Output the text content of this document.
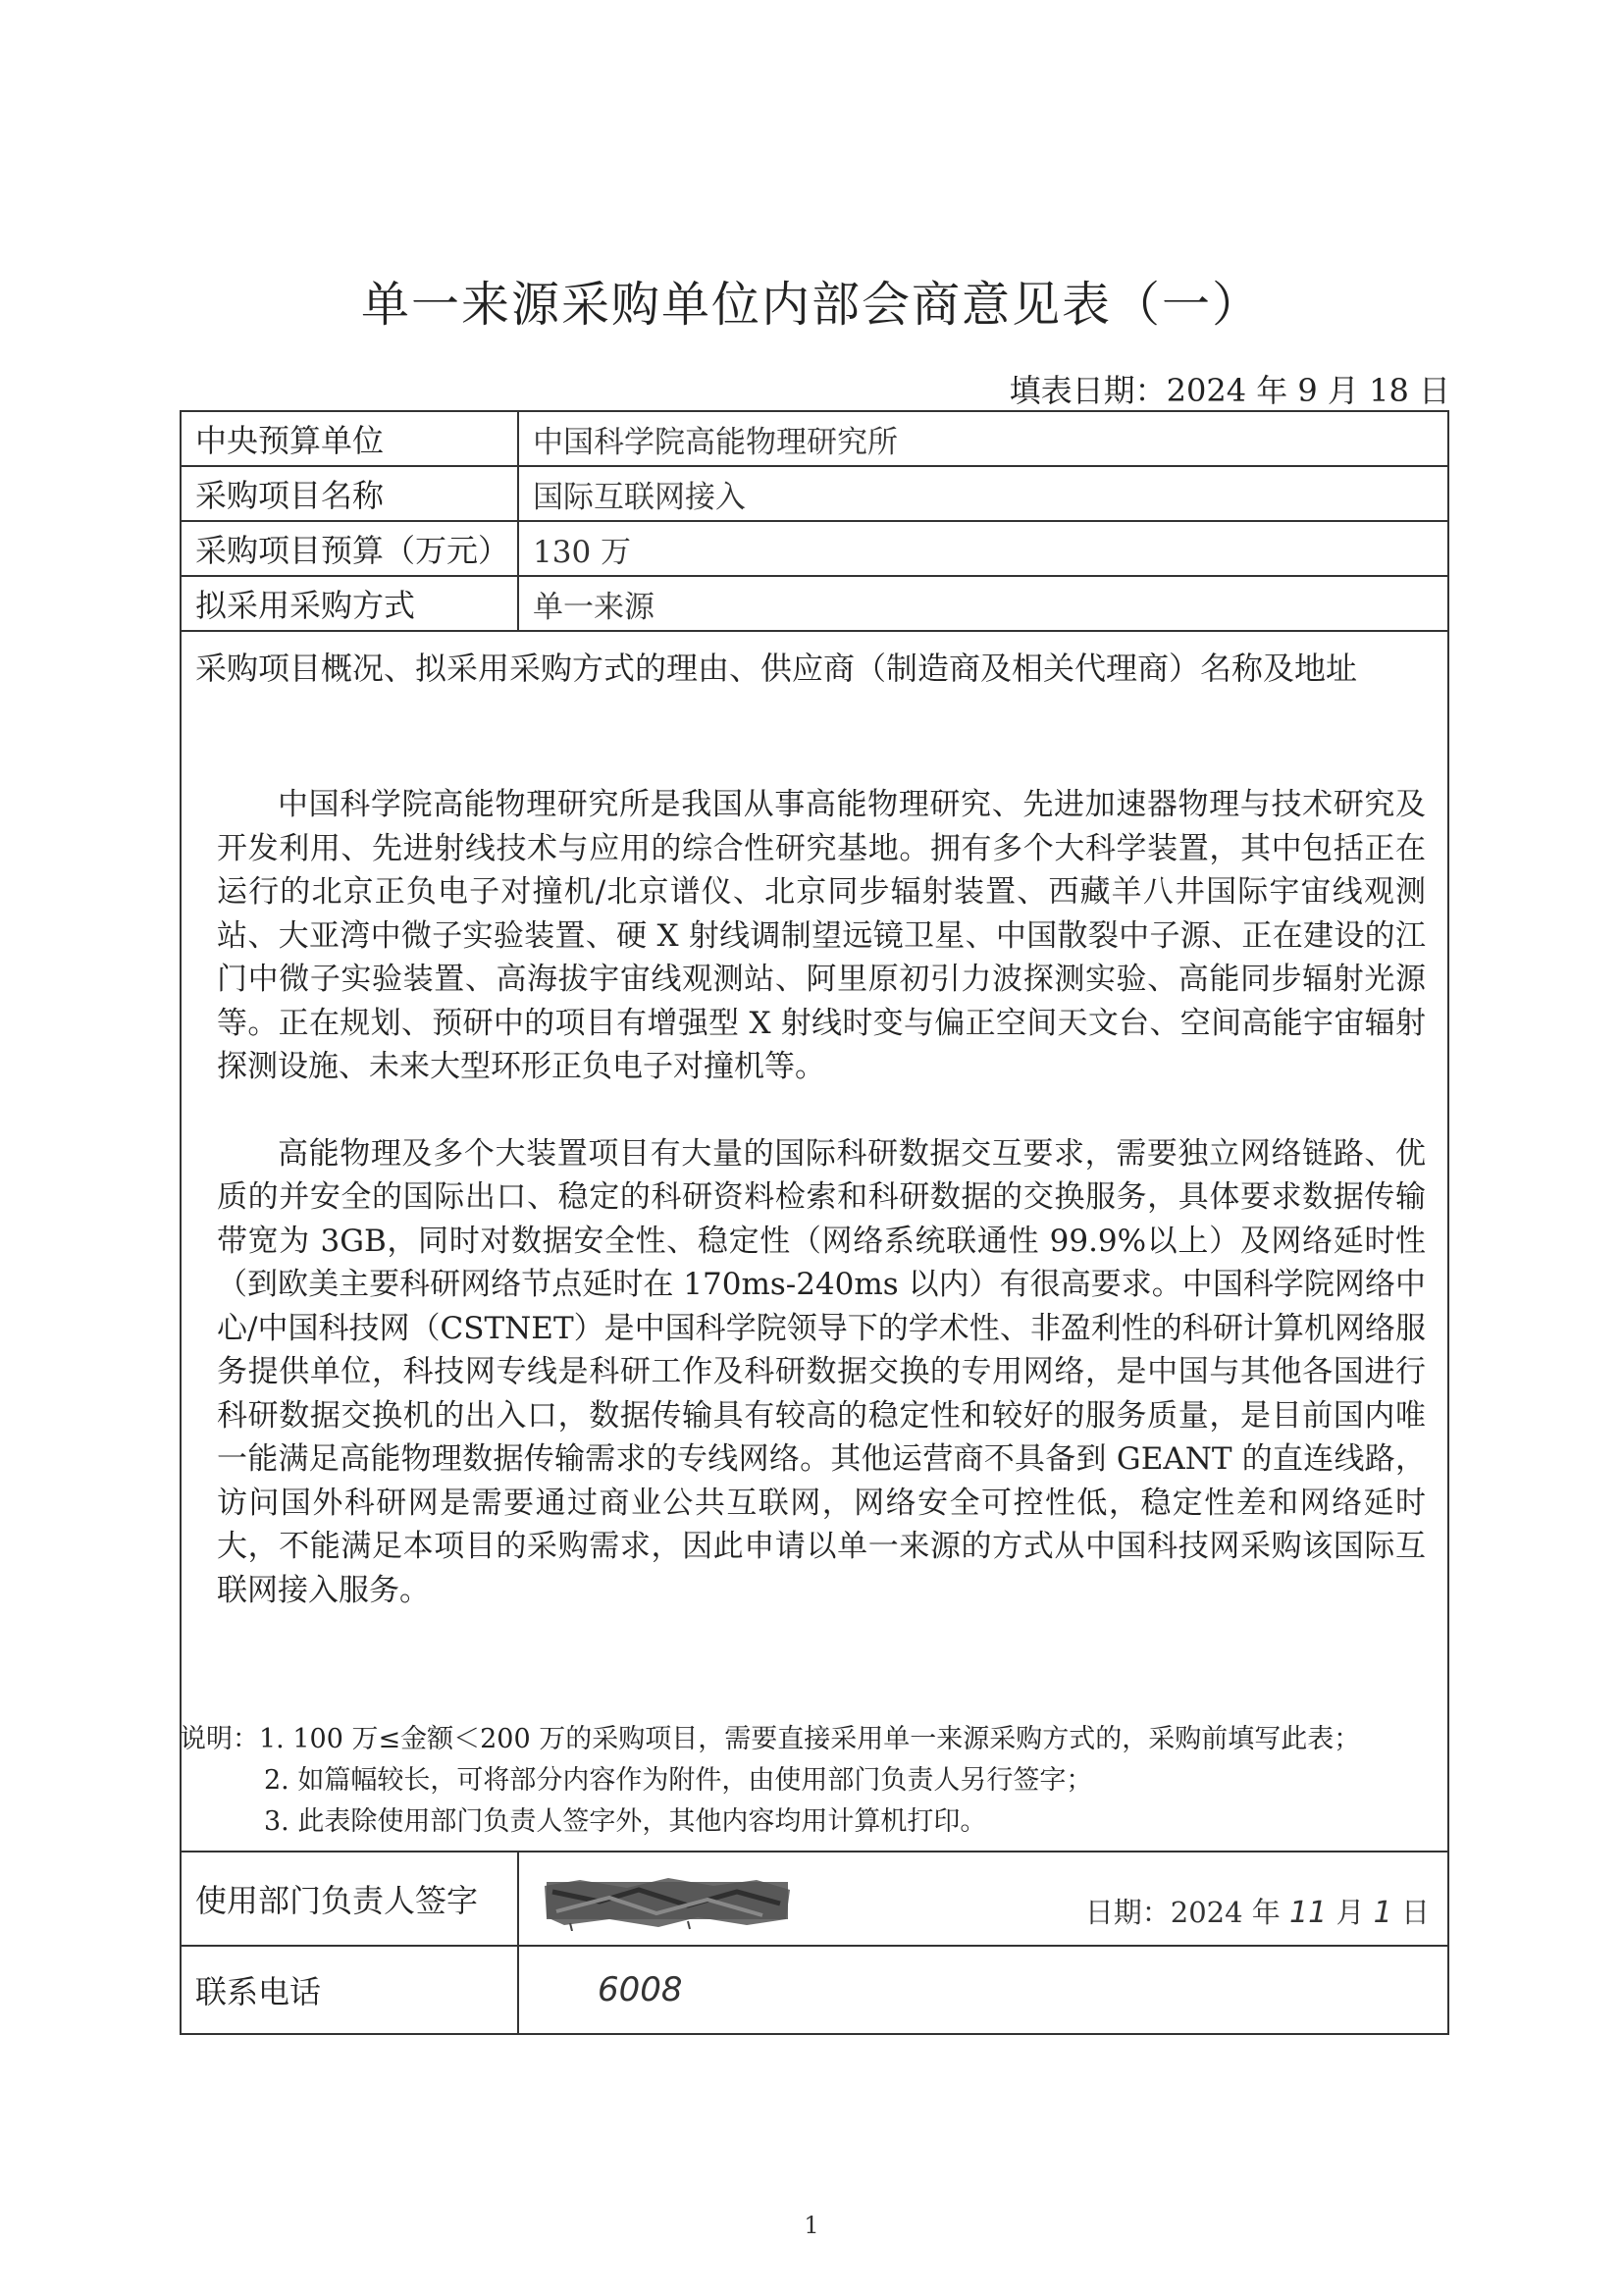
单一来源采购单位内部会商意见表（一）
填表日期：2024 年 9 月 18 日
中央预算单位	中国科学院高能物理研究所
采购项目名称	国际互联网接入
采购项目预算（万元）	130 万
拟采用采购方式	单一来源
采购项目概况、拟采用采购方式的理由、供应商（制造商及相关代理商）名称及地址	

中国科学院高能物理研究所是我国从事高能物理研究、先进加速器物理与技术研究及开发利用、先进射线技术与应用的综合性研究基地。拥有多个大科学装置，其中包括正在运行的北京正负电子对撞机/北京谱仪、北京同步辐射装置、西藏羊八井国际宇宙线观测站、大亚湾中微子实验装置、硬 X 射线调制望远镜卫星、中国散裂中子源、正在建设的江门中微子实验装置、高海拔宇宙线观测站、阿里原初引力波探测实验、高能同步辐射光源等。正在规划、预研中的项目有增强型 X 射线时变与偏正空间天文台、空间高能宇宙辐射探测设施、未来大型环形正负电子对撞机等。

高能物理及多个大装置项目有大量的国际科研数据交互要求，需要独立网络链路、优质的并安全的国际出口、稳定的科研资料检索和科研数据的交换服务，具体要求数据传输带宽为 3GB，同时对数据安全性、稳定性（网络系统联通性 99.9%以上）及网络延时性（到欧美主要科研网络节点延时在 170ms-240ms 以内）有很高要求。中国科学院网络中心/中国科技网（CSTNET）是中国科学院领导下的学术性、非盈利性的科研计算机网络服务提供单位，科技网专线是科研工作及科研数据交换的专用网络，是中国与其他各国进行科研数据交换机的出入口，数据传输具有较高的稳定性和较好的服务质量，是目前国内唯一能满足高能物理数据传输需求的专线网络。其他运营商不具备到 GEANT 的直连线路，访问国外科研网是需要通过商业公共互联网，网络安全可控性低，稳定性差和网络延时大，不能满足本项目的采购需求，因此申请以单一来源的方式从中国科技网采购该国际互联网接入服务。	

使用部门负责人签字	日期：2024 年 11 月 1 日

联系电话	6008
说明：1. 100 万≤金额＜200 万的采购项目，需要直接采用单一来源采购方式的，采购前填写此表；
2. 如篇幅较长，可将部分内容作为附件，由使用部门负责人另行签字；
3. 此表除使用部门负责人签字外，其他内容均用计算机打印。
1
